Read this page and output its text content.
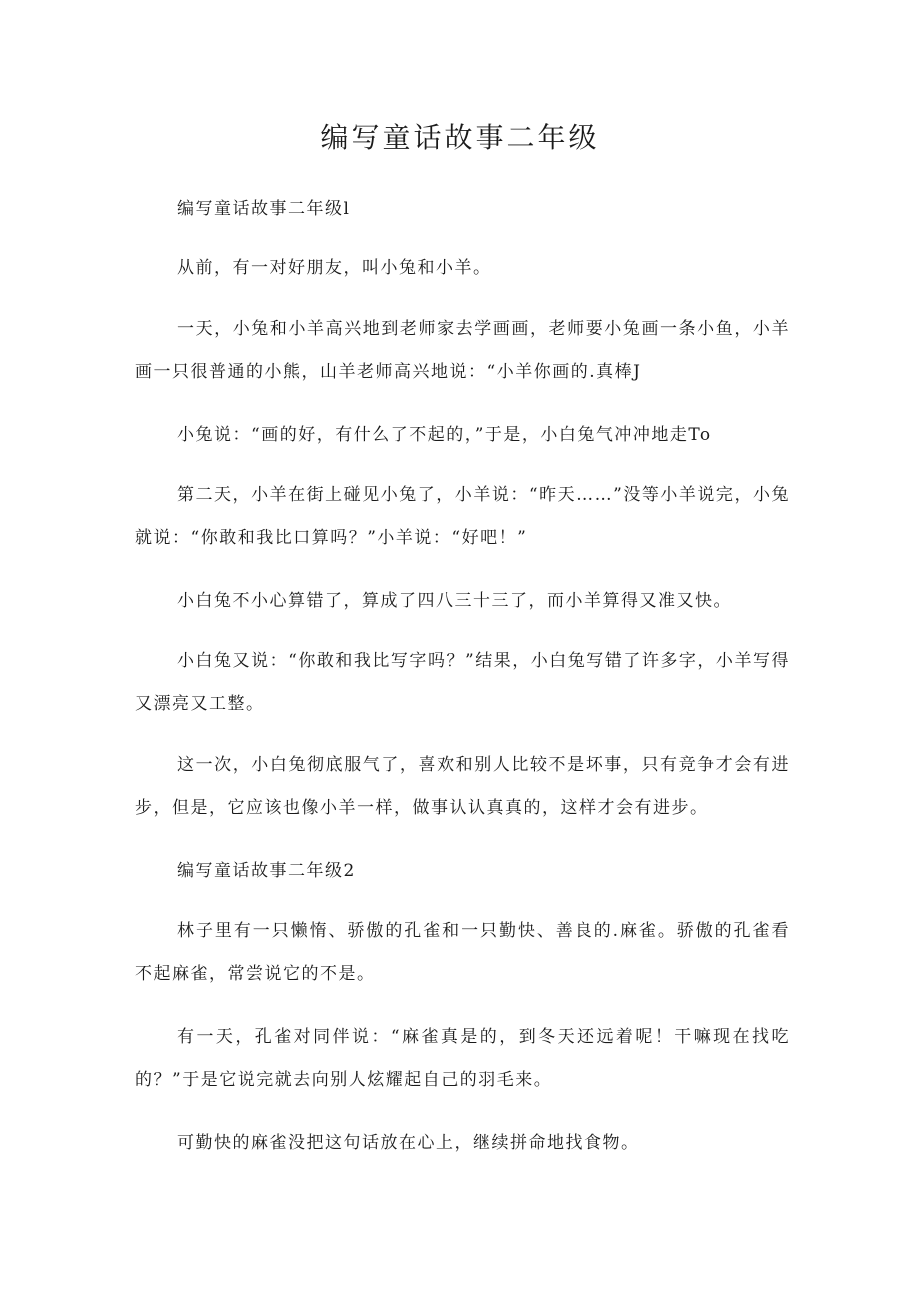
编写童话故事二年级

编写童话故事二年级l

从前，有一对好朋友，叫小兔和小羊。

一天，小兔和小羊高兴地到老师家去学画画，老师要小兔画一条小鱼，小羊画一只很普通的小熊，山羊老师高兴地说：“小羊你画的.真棒J

小兔说：“画的好，有什么了不起的，”于是，小白兔气冲冲地走To

第二天，小羊在街上碰见小兔了，小羊说：“昨天……”没等小羊说完，小兔就说：“你敢和我比口算吗？”小羊说：“好吧！”

小白兔不小心算错了，算成了四八三十三了，而小羊算得又准又快。

小白兔又说：“你敢和我比写字吗？”结果，小白兔写错了许多字，小羊写得又漂亮又工整。

这一次，小白兔彻底服气了，喜欢和别人比较不是坏事，只有竞争才会有进步，但是，它应该也像小羊一样，做事认认真真的，这样才会有进步。

编写童话故事二年级2

林子里有一只懒惰、骄傲的孔雀和一只勤快、善良的.麻雀。骄傲的孔雀看不起麻雀，常尝说它的不是。

有一天，孔雀对同伴说：“麻雀真是的，到冬天还远着呢！干嘛现在找吃的？”于是它说完就去向别人炫耀起自己的羽毛来。

可勤快的麻雀没把这句话放在心上，继续拼命地找食物。
